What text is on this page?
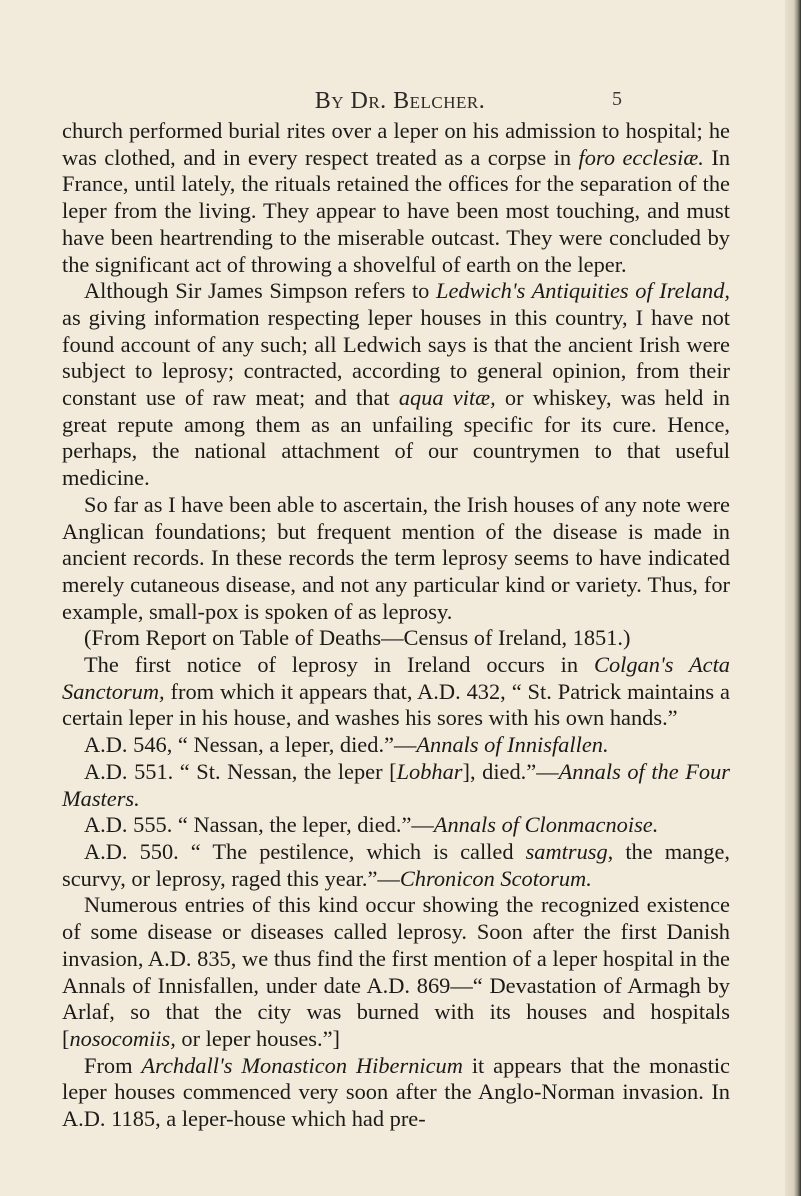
By Dr. Belcher.	5

church performed burial rites over a leper on his admission to hospital; he was clothed, and in every respect treated as a corpse in foro ecclesiæ. In France, until lately, the rituals retained the offices for the separation of the leper from the living. They appear to have been most touching, and must have been heartrending to the miserable outcast. They were concluded by the significant act of throwing a shovelful of earth on the leper.

Although Sir James Simpson refers to Ledwich's Antiquities of Ireland, as giving information respecting leper houses in this country, I have not found account of any such; all Ledwich says is that the ancient Irish were subject to leprosy; contracted, according to general opinion, from their constant use of raw meat; and that aqua vitæ, or whiskey, was held in great repute among them as an unfailing specific for its cure. Hence, perhaps, the national attachment of our countrymen to that useful medicine.

So far as I have been able to ascertain, the Irish houses of any note were Anglican foundations; but frequent mention of the disease is made in ancient records. In these records the term leprosy seems to have indicated merely cutaneous disease, and not any particular kind or variety. Thus, for example, small-pox is spoken of as leprosy.

(From Report on Table of Deaths—Census of Ireland, 1851.)

The first notice of leprosy in Ireland occurs in Colgan's Acta Sanctorum, from which it appears that, A.D. 432, “ St. Patrick maintains a certain leper in his house, and washes his sores with his own hands.”

A.D. 546, “ Nessan, a leper, died.”—Annals of Innisfallen.

A.D. 551. “ St. Nessan, the leper [Lobhar], died.”—Annals of the Four Masters.

A.D. 555. “ Nassan, the leper, died.”—Annals of Clonmacnoise.

A.D. 550. “ The pestilence, which is called samtrusg, the mange, scurvy, or leprosy, raged this year.”—Chronicon Scotorum.

Numerous entries of this kind occur showing the recognized existence of some disease or diseases called leprosy. Soon after the first Danish invasion, A.D. 835, we thus find the first mention of a leper hospital in the Annals of Innisfallen, under date A.D. 869—“ Devastation of Armagh by Arlaf, so that the city was burned with its houses and hospitals [nosocomiis, or leper houses.”]

From Archdall's Monasticon Hibernicum it appears that the monastic leper houses commenced very soon after the Anglo-Norman invasion. In A.D. 1185, a leper-house which had pre-
